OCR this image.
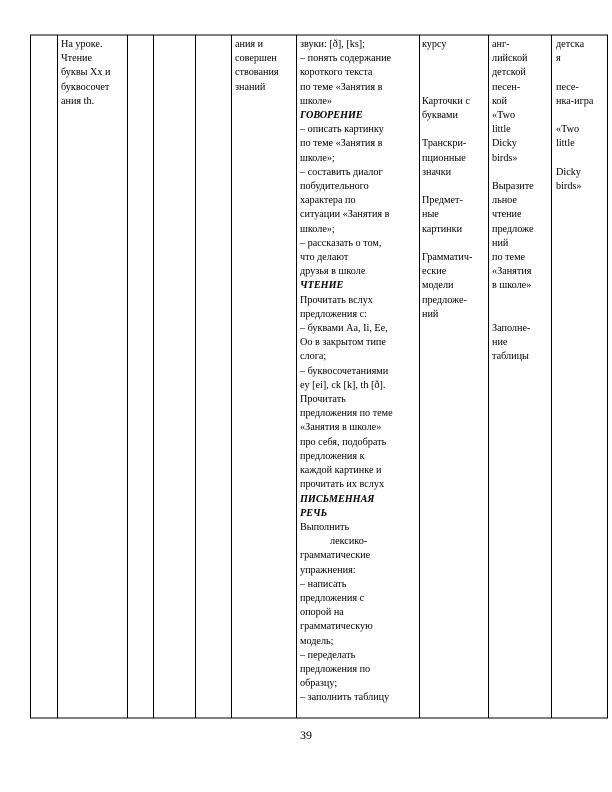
На уроке.
Чтение
буквы Xx и
буквосочет
ания th.
ания и
совершен
ствования
знаний
звуки: [ð], [ks];
– понять содержание
короткого текста
по теме «Занятия в
школе»
ГОВОРЕНИЕ
– описать картинку
по теме «Занятия в
школе»;
– составить диалог
побудительного
характера по
ситуации «Занятия в
школе»;
– рассказать о том,
что делают
друзья в школе
ЧТЕНИЕ
Прочитать вслух
предложения с:
– буквами Aa, Ii, Ee,
Oo в закрытом типе
слога;
– буквосочетаниями
ey [ei], ck [k], th [ð].
Прочитать
предложения по теме
«Занятия в школе»
про себя, подобрать
предложения к
каждой картинке и
прочитать их вслух
ПИСЬМЕННАЯ
РЕЧЬ
Выполнить
лексико-
грамматические
упражнения:
– написать
предложения с
опорой на
грамматическую
модель;
– переделать
предложения по
образцу;
– заполнить таблицу
курсу

Карточки с
буквами

Транскри-
пционные
значки

Предмет-
ные
картинки

Грамматич-
еские
модели
предложе-
ний
анг-
лийской
детской
песен-
кой
«Two
little
Dicky
birds»

Выразите
льное
чтение
предложе
ний
по теме
«Занятия
в школе»

Заполне-
ние
таблицы
детска
я

песе-
нка-игра

«Two
little

Dicky
birds»
39
